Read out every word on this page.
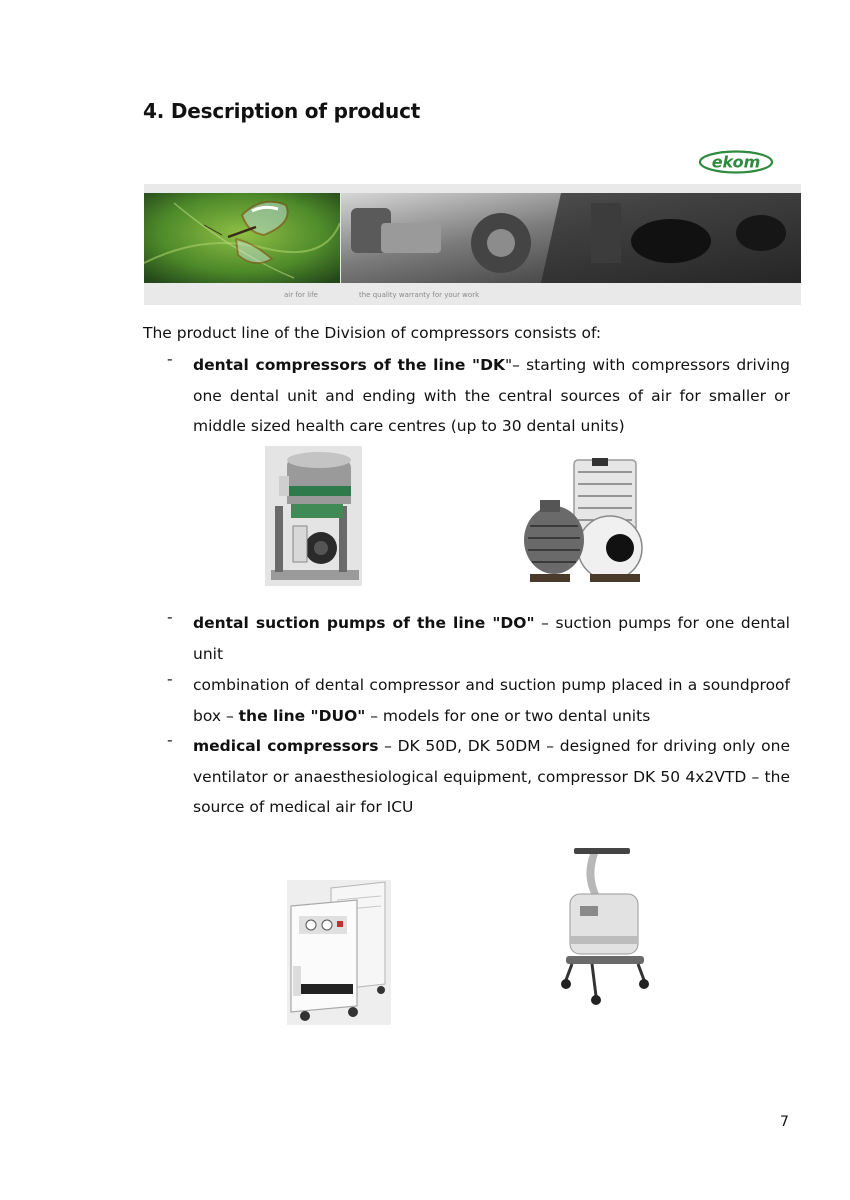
4. Description of product
ekom
air for life	the quality warranty for your work

The product line of the Division of compressors consists of:

- dental compressors of the line "DK"– starting with compressors driving one dental unit and ending with the central sources of air for smaller or middle sized health care centres (up to 30 dental units)
- dental suction pumps of the line "DO" – suction pumps for one dental unit
- combination of dental compressor and suction pump placed in a soundproof box – the line "DUO" – models for one or two dental units
- medical compressors – DK 50D, DK 50DM – designed for driving only one ventilator or anaesthesiological equipment, compressor DK 50 4x2VTD – the source of medical air for ICU
7
